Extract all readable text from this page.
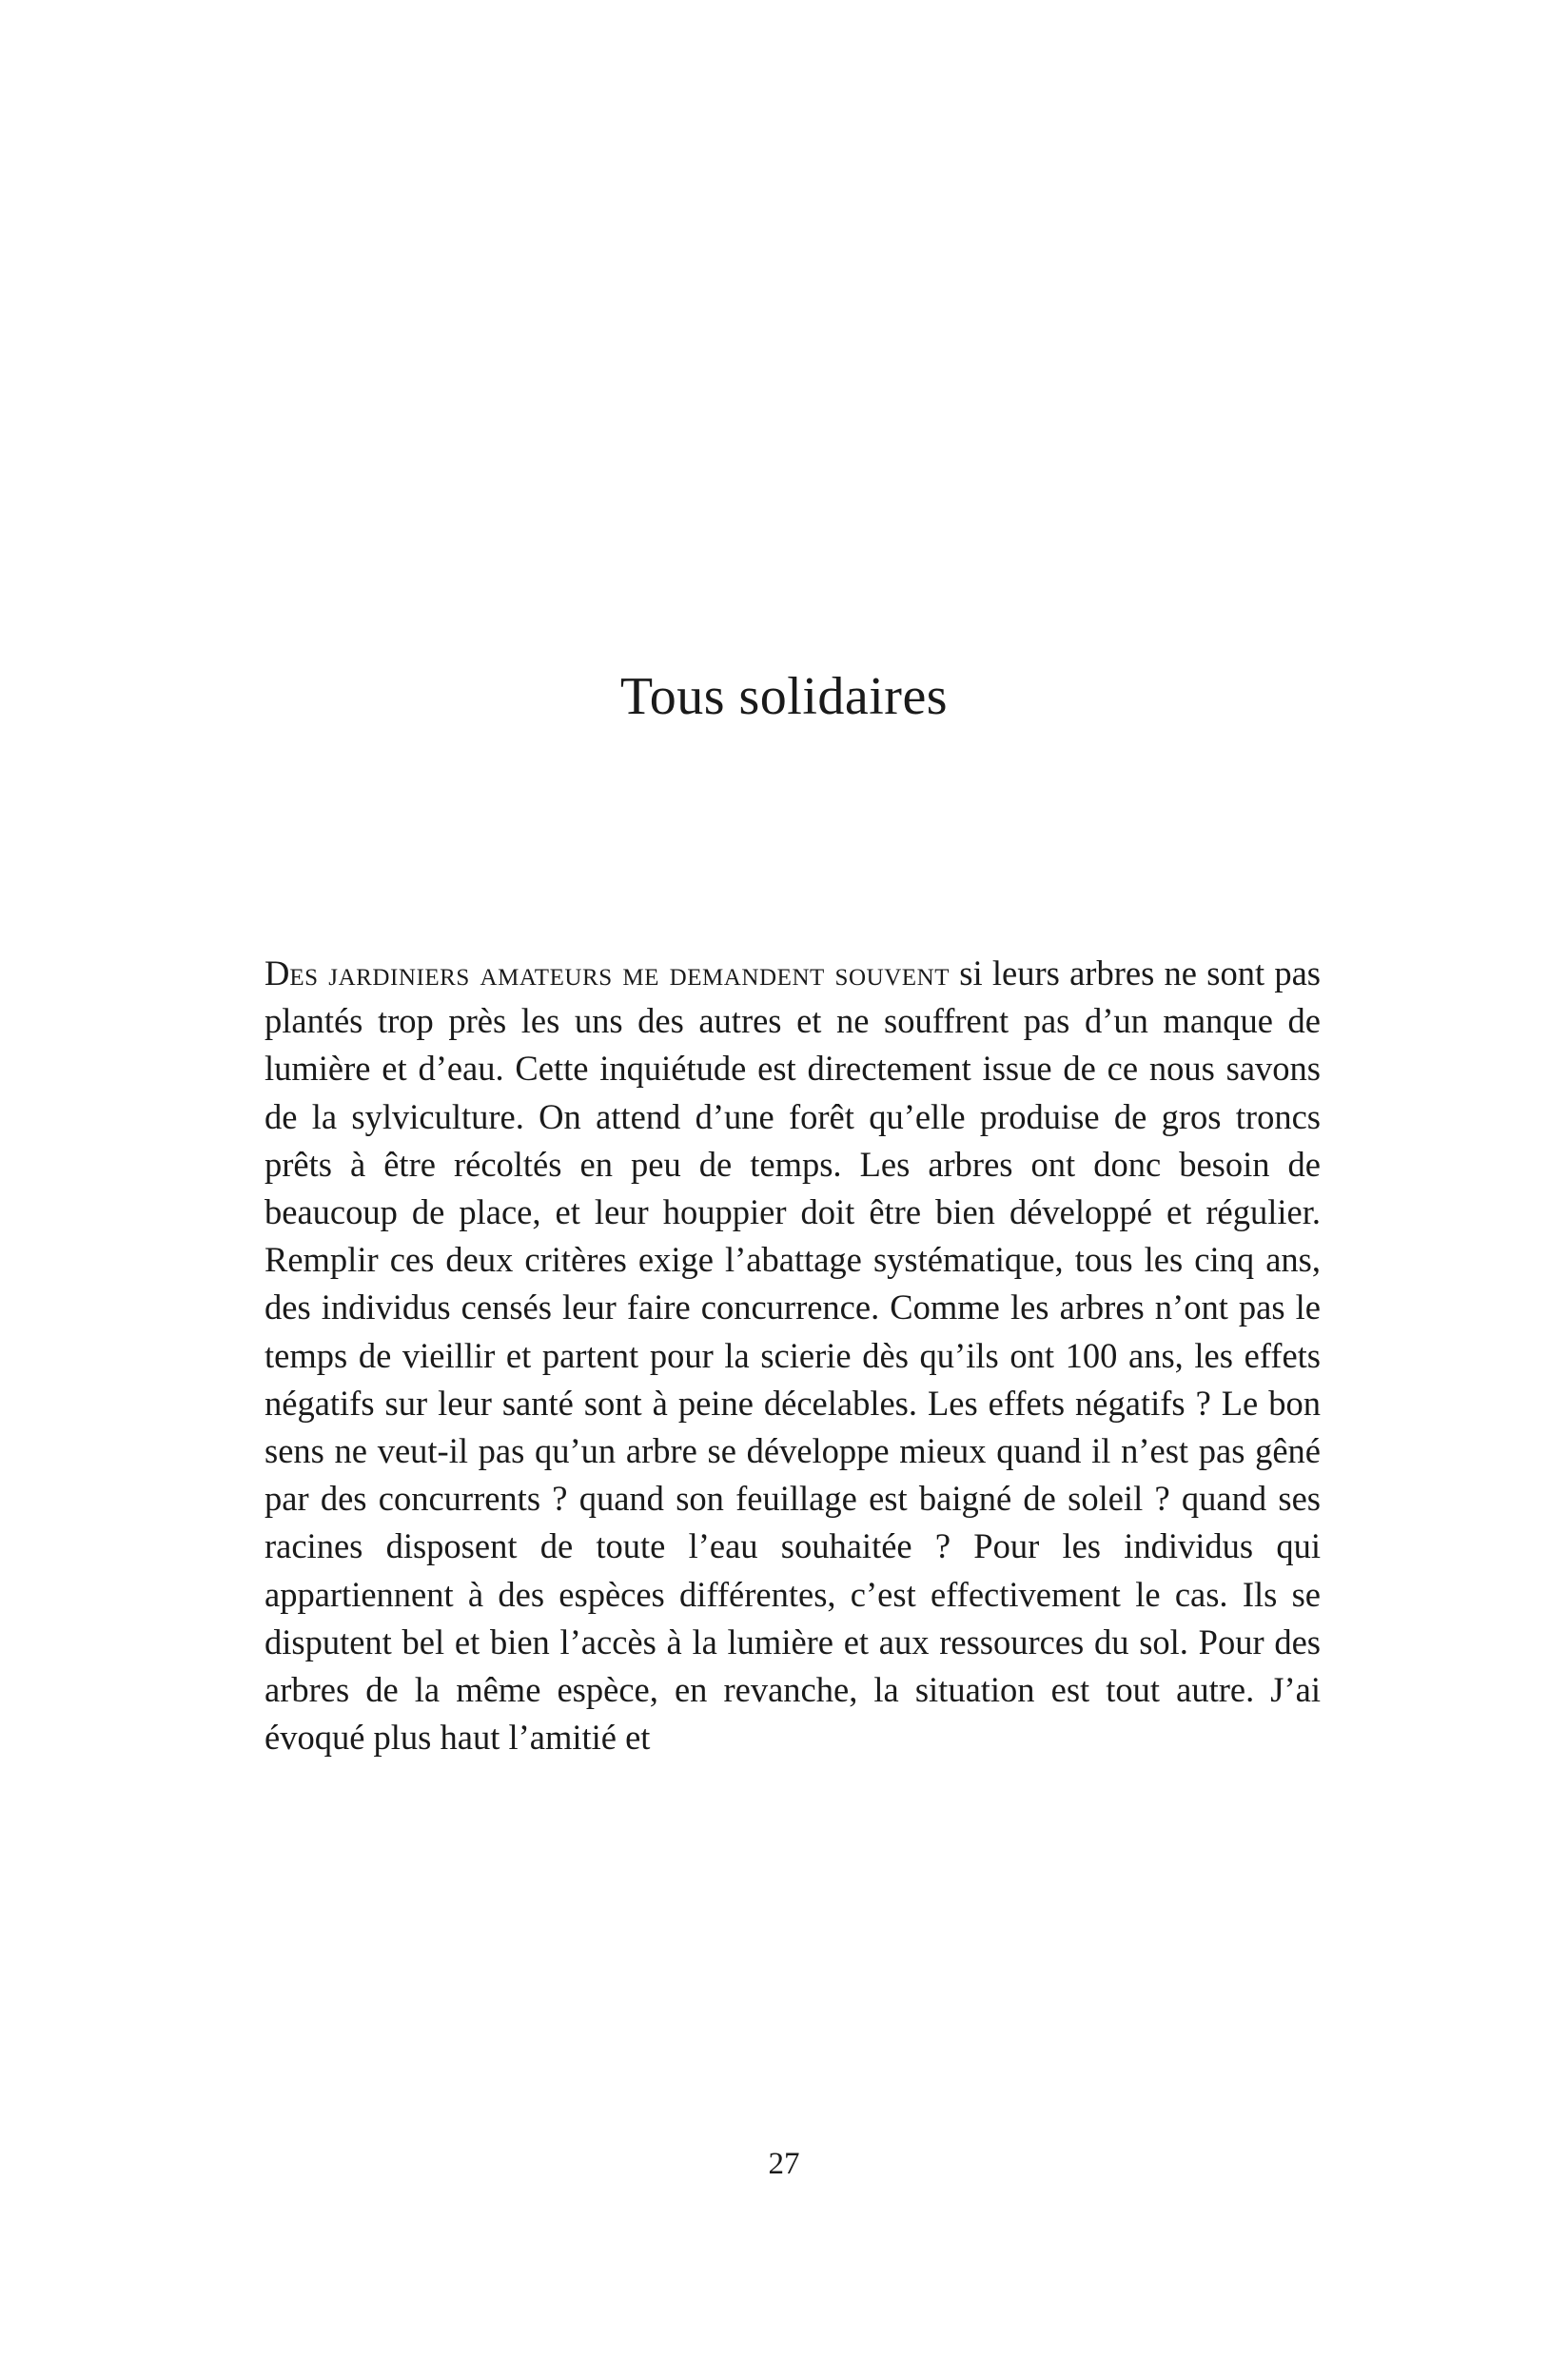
Tous solidaires

Des jardiniers amateurs me demandent souvent si leurs arbres ne sont pas plantés trop près les uns des autres et ne souffrent pas d’un manque de lumière et d’eau. Cette inquiétude est directement issue de ce nous savons de la sylviculture. On attend d’une forêt qu’elle produise de gros troncs prêts à être récoltés en peu de temps. Les arbres ont donc besoin de beaucoup de place, et leur houppier doit être bien développé et régulier. Remplir ces deux critères exige l’abattage systématique, tous les cinq ans, des individus censés leur faire concurrence. Comme les arbres n’ont pas le temps de vieillir et partent pour la scierie dès qu’ils ont 100 ans, les effets négatifs sur leur santé sont à peine décelables. Les effets négatifs ? Le bon sens ne veut-il pas qu’un arbre se développe mieux quand il n’est pas gêné par des concurrents ? quand son feuillage est baigné de soleil ? quand ses racines disposent de toute l’eau souhaitée ? Pour les individus qui appartiennent à des espèces différentes, c’est effectivement le cas. Ils se disputent bel et bien l’accès à la lumière et aux ressources du sol. Pour des arbres de la même espèce, en revanche, la situation est tout autre. J’ai évoqué plus haut l’amitié et

27
